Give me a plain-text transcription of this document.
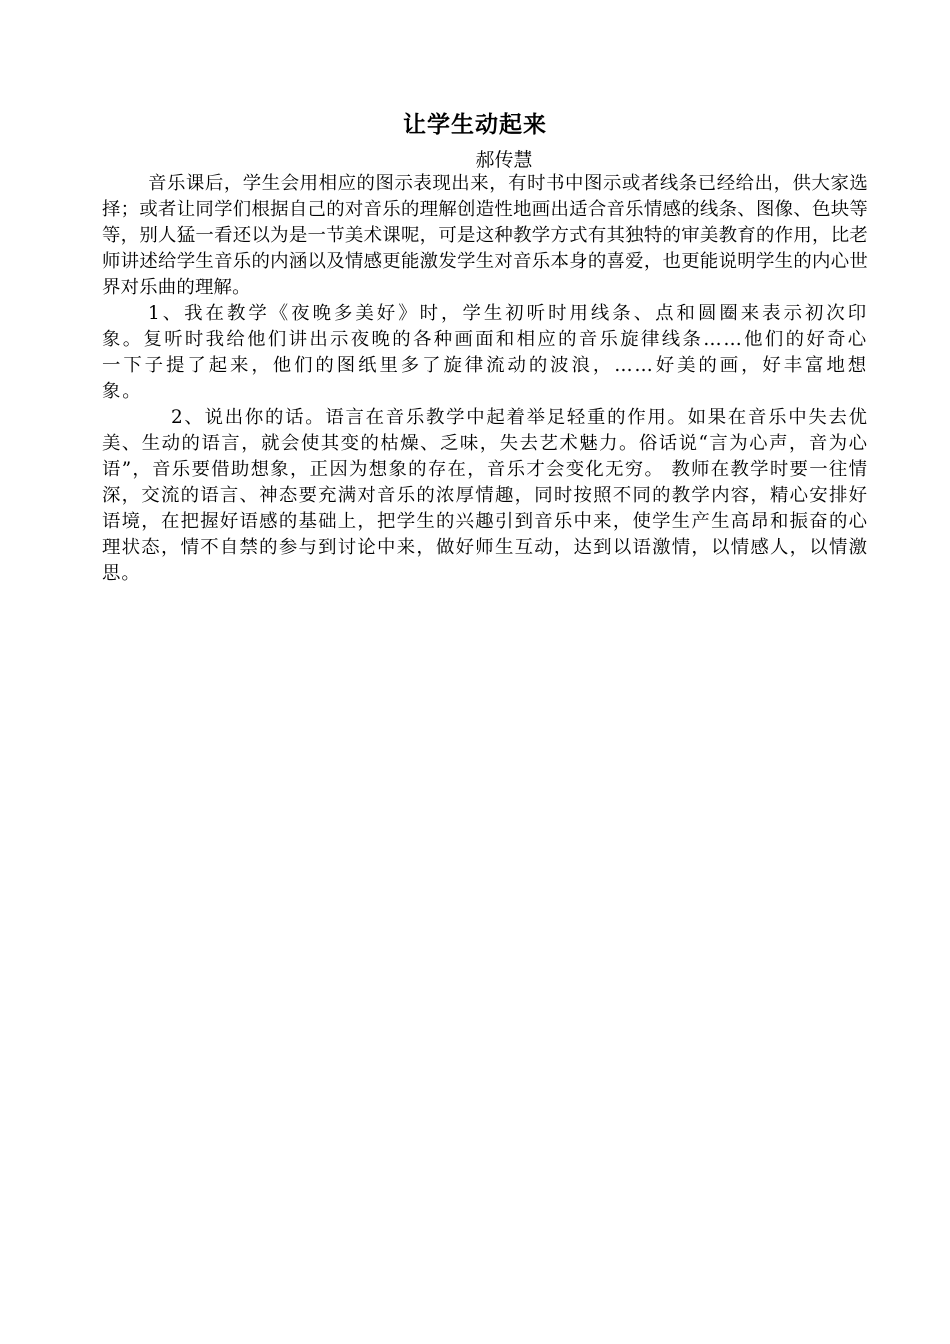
让学生动起来
郝传慧

音乐课后，学生会用相应的图示表现出来，有时书中图示或者线条已经给出，供大家选择；或者让同学们根据自己的对音乐的理解创造性地画出适合音乐情感的线条、图像、色块等等，别人猛一看还以为是一节美术课呢，可是这种教学方式有其独特的审美教育的作用，比老师讲述给学生音乐的内涵以及情感更能激发学生对音乐本身的喜爱，也更能说明学生的内心世界对乐曲的理解。

1、我在教学《夜晚多美好》时，学生初听时用线条、点和圆圈来表示初次印象。复听时我给他们讲出示夜晚的各种画面和相应的音乐旋律线条……他们的好奇心一下子提了起来，他们的图纸里多了旋律流动的波浪，……好美的画，好丰富地想象。

2、说出你的话。语言在音乐教学中起着举足轻重的作用。如果在音乐中失去优美、生动的语言，就会使其变的枯燥、乏味，失去艺术魅力。俗话说“言为心声，音为心语”，音乐要借助想象，正因为想象的存在，音乐才会变化无穷。 教师在教学时要一往情深，交流的语言、神态要充满对音乐的浓厚情趣，同时按照不同的教学内容，精心安排好语境，在把握好语感的基础上，把学生的兴趣引到音乐中来，使学生产生高昂和振奋的心理状态，情不自禁的参与到讨论中来，做好师生互动，达到以语激情，以情感人，以情激思。
